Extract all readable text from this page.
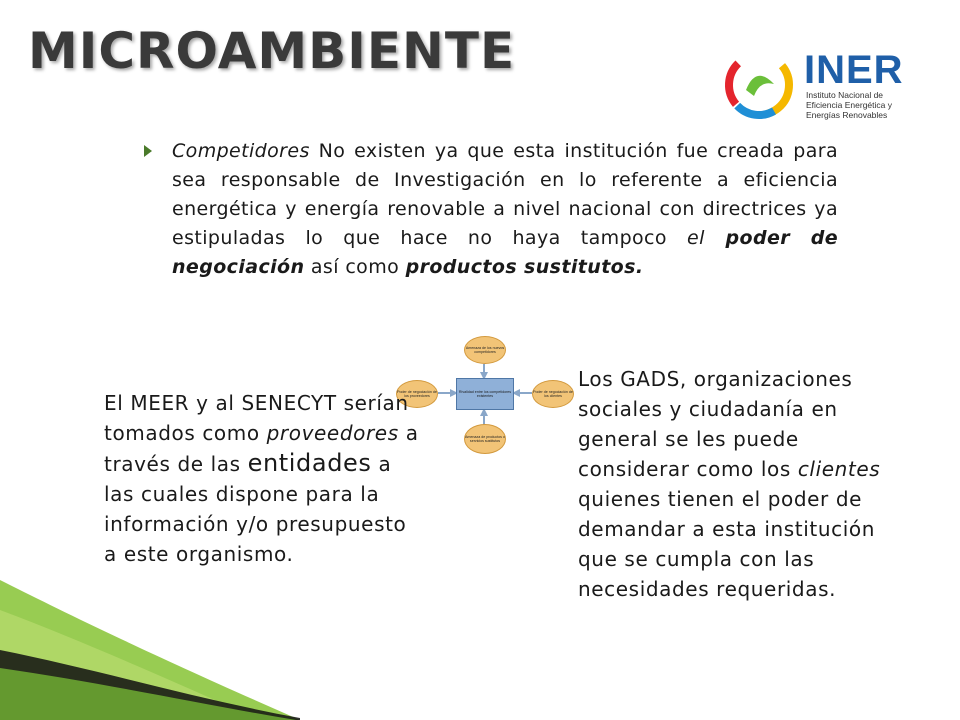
MICROAMBIENTE	INER
Instituto Nacional de Eficiencia Energética y Energías Renovables
Competidores No existen ya que esta institución fue creada para sea responsable de Investigación en lo referente a eficiencia energética y energía renovable a nivel nacional con directrices ya estipuladas lo que hace no haya tampoco el poder de negociación así como productos sustitutos.
Amenaza de los nuevos competidores
Poder de negociación de los proveedores
Poder de negociación de los clientes
Amenaza de productos o servicios sustitutos
Rivalidad entre los competidores existentes
El MEER y al SENECYT serían tomados como proveedores a través de las entidades a las cuales dispone para la información y/o presupuesto a este organismo.
Los GADS, organizaciones sociales y ciudadanía en general se les puede considerar como los clientes quienes tienen el poder de demandar a esta institución que se cumpla con las necesidades requeridas.
